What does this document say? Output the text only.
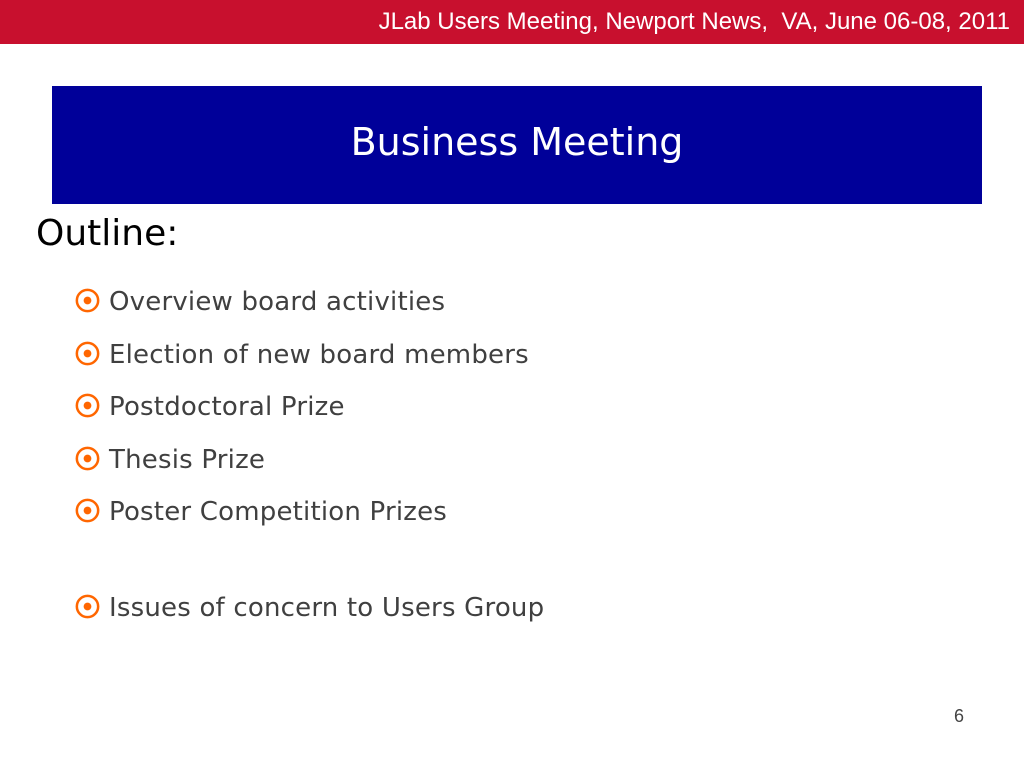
JLab Users Meeting, Newport News,  VA, June 06-08, 2011
Business Meeting
Outline:
Overview board activities
Election of new board members
Postdoctoral Prize
Thesis Prize
Poster Competition Prizes
Issues of concern to Users Group
6
